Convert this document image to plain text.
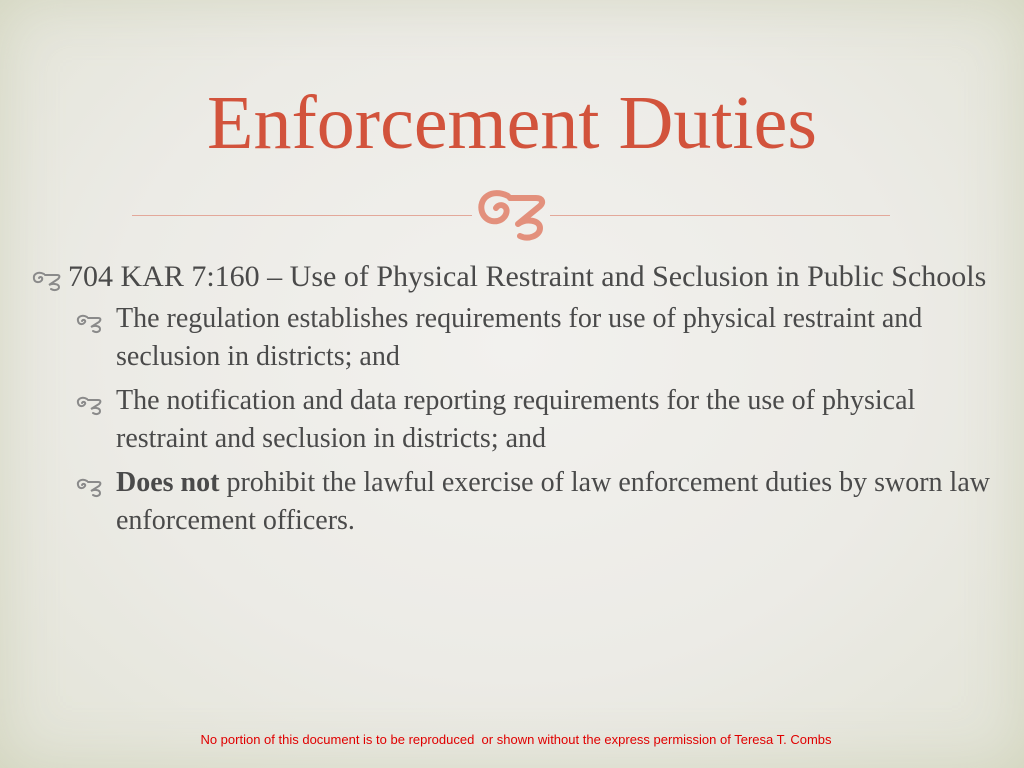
Enforcement Duties
704 KAR 7:160 – Use of Physical Restraint and Seclusion in Public Schools
The regulation establishes requirements for use of physical restraint and seclusion in districts; and
The notification and data reporting requirements for the use of physical restraint and seclusion in districts; and
Does not prohibit the lawful exercise of law enforcement duties by sworn law enforcement officers.
No portion of this document is to be reproduced  or shown without the express permission of Teresa T. Combs
